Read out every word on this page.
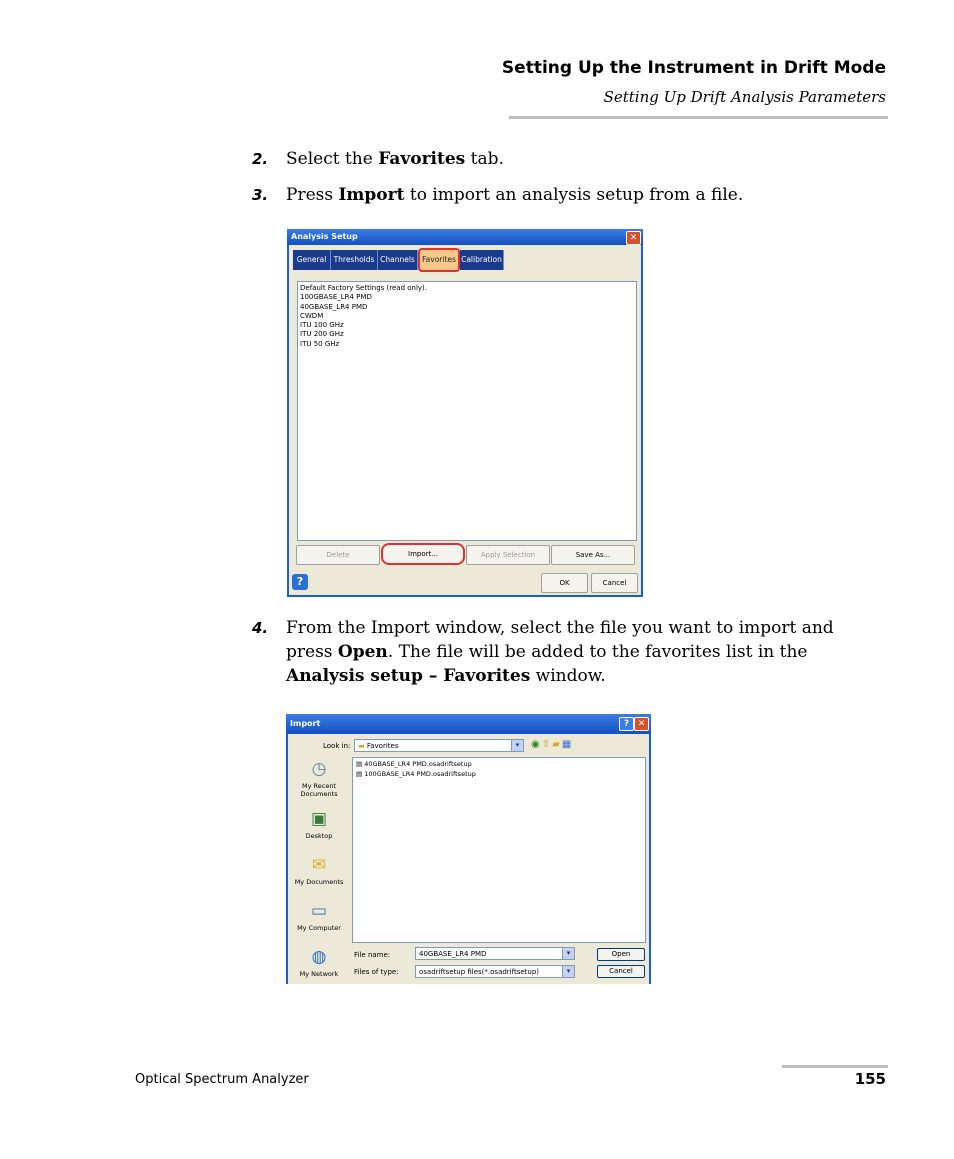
Setting Up the Instrument in Drift Mode
Setting Up Drift Analysis Parameters
2. Select the Favorites tab.
3. Press Import to import an analysis setup from a file.
Analysis Setup	✕
General Thresholds Channels Favorites Calibration
Default Factory Settings (read only).
100GBASE_LR4 PMD
40GBASE_LR4 PMD
CWDM
ITU 100 GHz
ITU 200 GHz
ITU 50 GHz
Delete	Import...	Apply Selection	Save As...
?	OK	Cancel
4. From the Import window, select the file you want to import and press Open. The file will be added to the favorites list in the Analysis setup – Favorites window.
Import	? ✕
Look in:	▬ Favorites	▾	◉⇧▰▦
◷
My Recent Documents
▣
Desktop
✉
My Documents
▭
My Computer
◍
My Network
▤ 40GBASE_LR4 PMD.osadriftsetup
▤ 100GBASE_LR4 PMD.osadriftsetup
File name:	40GBASE_LR4 PMD	▾
Files of type:	osadriftsetup files(*.osadriftsetup)	▾
Open
Cancel
Optical Spectrum Analyzer	155
